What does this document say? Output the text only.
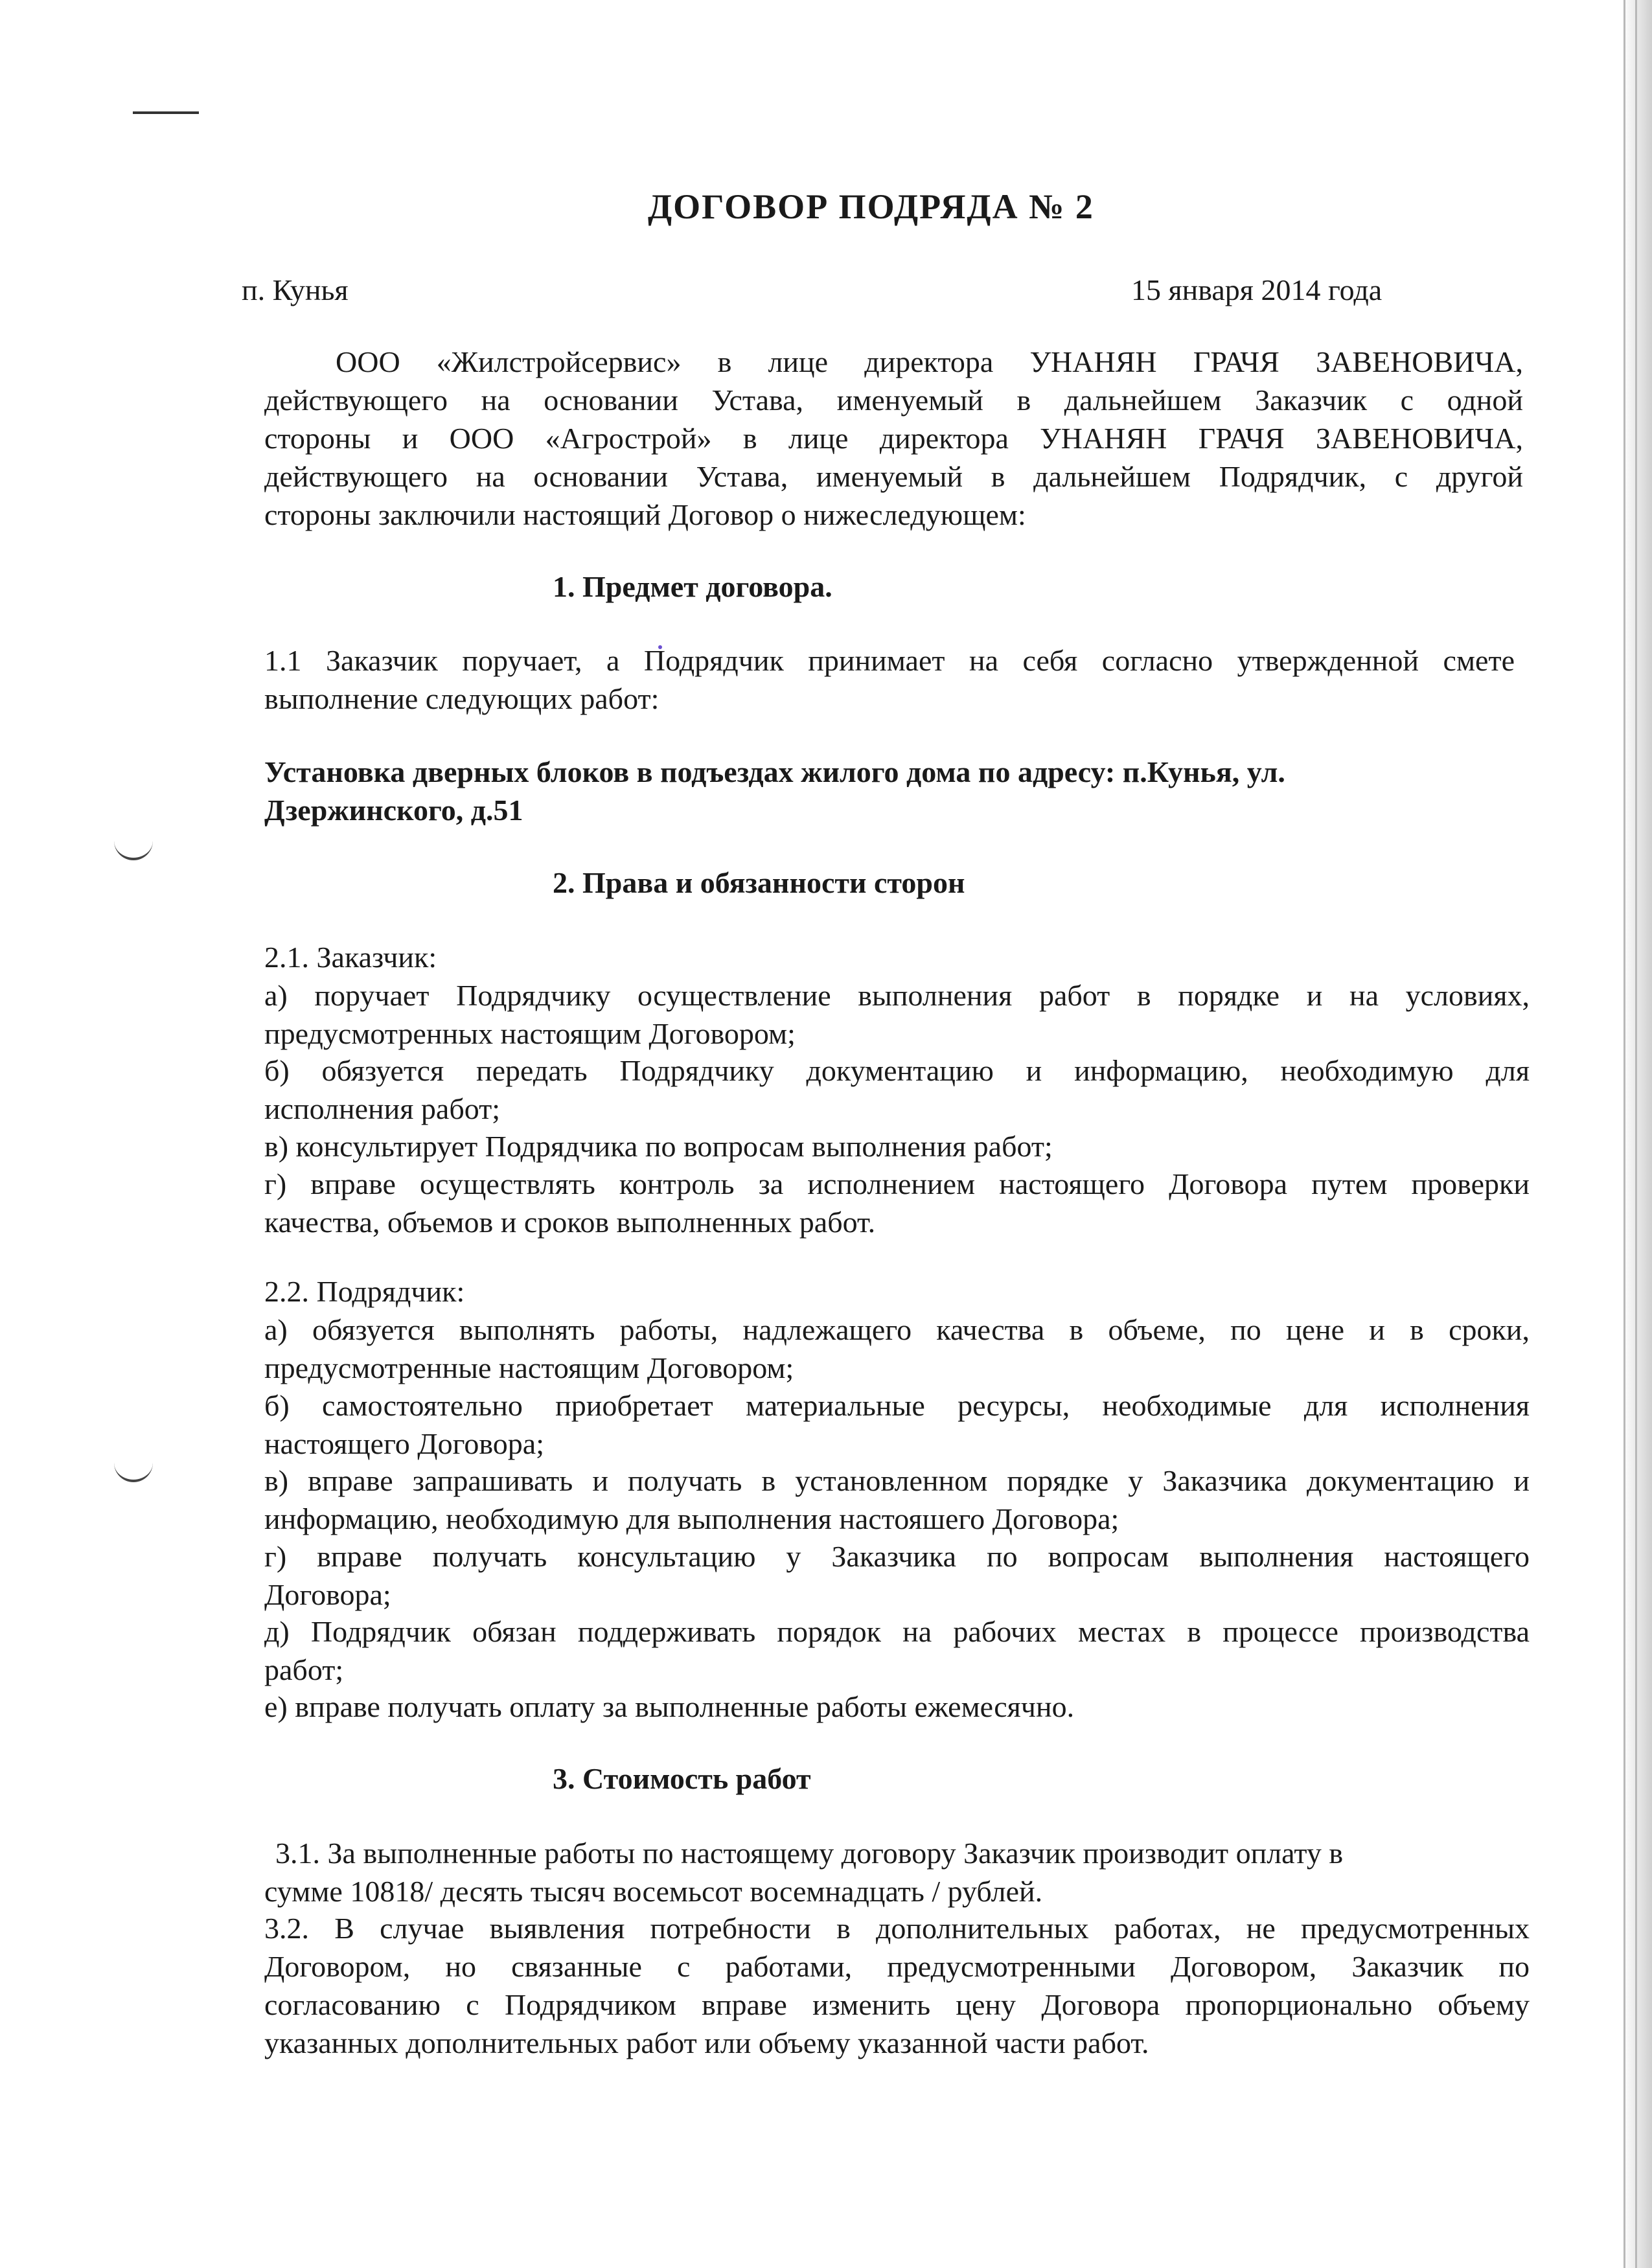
ДОГОВОР ПОДРЯДА № 2
п. Кунья	15 января 2014 года
ООО «Жилстройсервис» в лице директора УНАНЯН ГРАЧЯ ЗАВЕНОВИЧА,
действующего на основании Устава, именуемый в дальнейшем Заказчик с одной
стороны и ООО «Агрострой» в лице директора УНАНЯН ГРАЧЯ ЗАВЕНОВИЧА,
действующего на основании Устава, именуемый в дальнейшем Подрядчик, с другой
стороны заключили настоящий Договор о нижеследующем:
1. Предмет договора.
1.1 Заказчик поручает, а Подрядчик принимает на себя согласно утвержденной смете
выполнение следующих работ:
Установка дверных блоков в подъездах жилого дома по адресу: п.Кунья, ул.
Дзержинского, д.51
2. Права и обязанности сторон
2.1. Заказчик:
а) поручает Подрядчику осуществление выполнения работ в порядке и на условиях,
предусмотренных настоящим Договором;
б) обязуется передать Подрядчику документацию и информацию, необходимую для
исполнения работ;
в) консультирует Подрядчика по вопросам выполнения работ;
г) вправе осуществлять контроль за исполнением настоящего Договора путем проверки
качества, объемов и сроков выполненных работ.
2.2. Подрядчик:
а) обязуется выполнять работы, надлежащего качества в объеме, по цене и в сроки,
предусмотренные настоящим Договором;
б) самостоятельно приобретает материальные ресурсы, необходимые для исполнения
настоящего Договора;
в) вправе запрашивать и получать в установленном порядке у Заказчика документацию и
информацию, необходимую для выполнения настояшего Договора;
г) вправе получать консультацию у Заказчика по вопросам выполнения настоящего
Договора;
д) Подрядчик обязан поддерживать порядок на рабочих местах в процессе производства
работ;
е) вправе получать оплату за выполненные работы ежемесячно.
3. Стоимость работ
3.1. За выполненные работы по настоящему договору Заказчик производит оплату в
сумме 10818/ десять тысяч восемьсот восемнадцать / рублей.
3.2. В случае выявления потребности в дополнительных работах, не предусмотренных
Договором, но связанные с работами, предусмотренными Договором, Заказчик по
согласованию с Подрядчиком вправе изменить цену Договора пропорционально объему
указанных дополнительных работ или объему указанной части работ.
